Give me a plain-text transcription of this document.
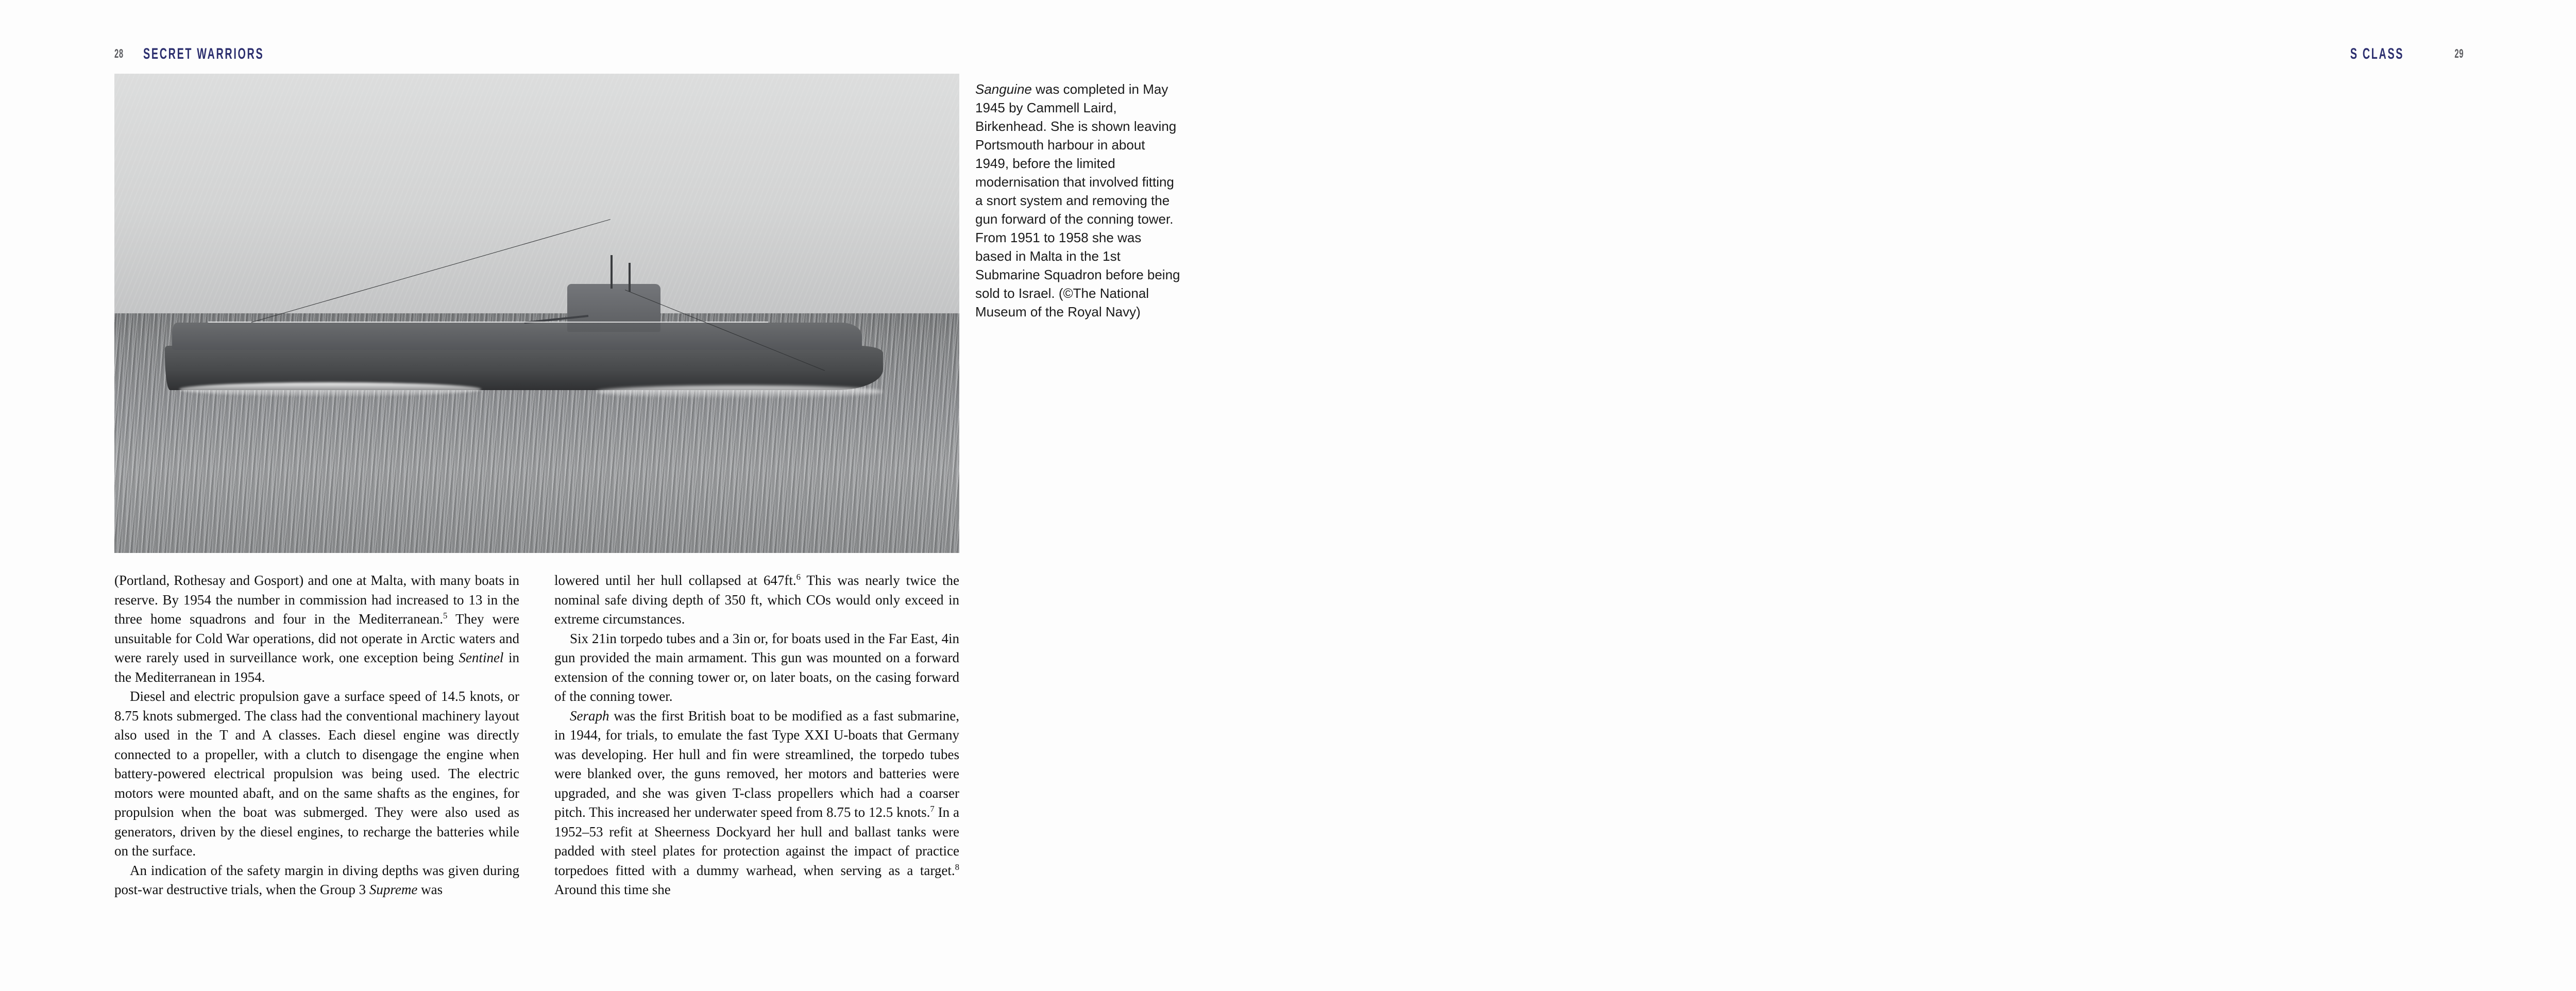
28	SECRET WARRIORS
Sanguine was completed in May 1945 by Cammell Laird, Birkenhead. She is shown leaving Portsmouth harbour in about 1949, before the limited modernisation that involved fitting a snort system and removing the gun forward of the conning tower. From 1951 to 1958 she was based in Malta in the 1st Submarine Squadron before being sold to Israel. (©The National Museum of the Royal Navy)

(Portland, Rothesay and Gosport) and one at Malta, with many boats in reserve. By 1954 the number in commission had increased to 13 in the three home squadrons and four in the Mediterranean.$^5$ They were unsuitable for Cold War operations, did not operate in Arctic waters and were rarely used in surveillance work, one exception being Sentinel in the Mediterranean in 1954.

Diesel and electric propulsion gave a surface speed of 14.5 knots, or 8.75 knots submerged. The class had the conventional machinery layout also used in the T and A classes. Each diesel engine was directly connected to a propeller, with a clutch to disengage the engine when battery-powered electrical propulsion was being used. The electric motors were mounted abaft, and on the same shafts as the engines, for propulsion when the boat was submerged. They were also used as generators, driven by the diesel engines, to recharge the batteries while on the surface.

An indication of the safety margin in diving depths was given during post-war destructive trials, when the Group 3 Supreme was

lowered until her hull collapsed at 647ft.$^6$ This was nearly twice the nominal safe diving depth of 350 ft, which COs would only exceed in extreme circumstances.

Six 21in torpedo tubes and a 3in or, for boats used in the Far East, 4in gun provided the main armament. This gun was mounted on a forward extension of the conning tower or, on later boats, on the casing forward of the conning tower.

Seraph was the first British boat to be modified as a fast submarine, in 1944, for trials, to emulate the fast Type XXI U-boats that Germany was developing. Her hull and fin were streamlined, the torpedo tubes were blanked over, the guns removed, her motors and batteries were upgraded, and she was given T-class propellers which had a coarser pitch. This increased her underwater speed from 8.75 to 12.5 knots.$^7$ In a 1952–53 refit at Sheerness Dockyard her hull and ballast tanks were padded with steel plates for protection against the impact of practice torpedoes fitted with a dummy warhead, when serving as a target.$^8$ Around this time she

S CLASS	29
